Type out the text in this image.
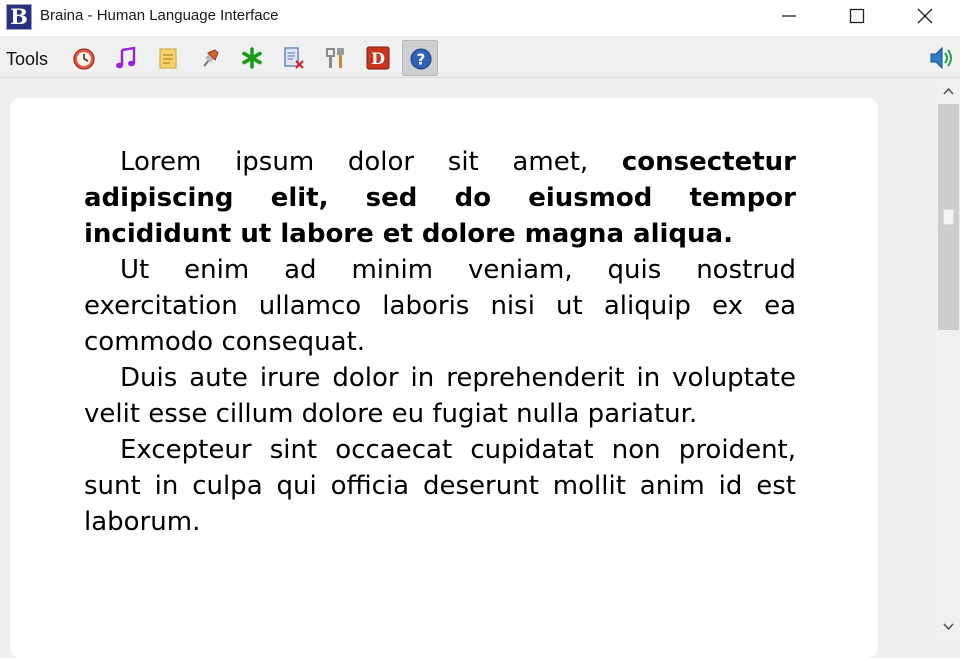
B Braina - Human Language Interface
Tools	D ?

Lorem ipsum dolor sit amet, consectetur adipiscing elit, sed do eiusmod tempor incididunt ut labore et dolore magna aliqua.

Ut enim ad minim veniam, quis nostrud exercitation ullamco laboris nisi ut aliquip ex ea commodo consequat.

Duis aute irure dolor in reprehenderit in voluptate velit esse cillum dolore eu fugiat nulla pariatur.

Excepteur sint occaecat cupidatat non proident, sunt in culpa qui officia deserunt mollit anim id est laborum.
